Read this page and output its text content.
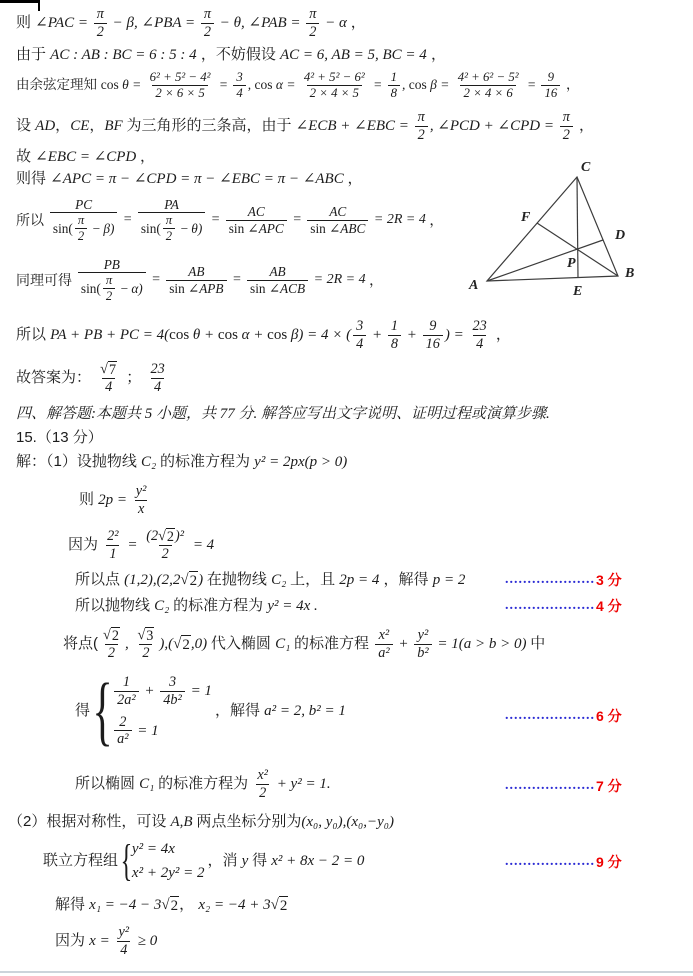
则 ∠PAC = $\frac{\pi}{2} - \beta$, ∠PBA = $\frac{\pi}{2} - \theta$, ∠PAB = $\frac{\pi}{2} - \alpha$ ，
由于 AC : AB : BC = 6 : 5 : 4 ，不妨假设 AC = 6, AB = 5, BC = 4 ，
由余弦定理知 $\cos \theta = \frac{\text{6² + 5² − 4²}}{2 \times 6 \times 5} = \frac{3}{4}$ , $\cos \alpha = \frac{\text{4² + 5² − 6²}}{2 \times 4 \times 5} = \frac{1}{8}$ , $\cos \beta = \frac{\text{4² + 6² − 5²}}{2 \times 4 \times 6} = \frac{9}{16}$ ，
设 AD ， CE ， BF 为三角形的三条高，由于 ∠ECB + ∠EBC = $\frac{\pi}{2}$ , ∠PCD + ∠CPD = $\frac{\pi}{2}$ ，
故 ∠EBC = ∠CPD ，
则得 ∠APC = π − ∠CPD = π − ∠EBC = π − ∠ABC ，
所以 $\frac{PC}{\sin( \frac{\pi}{2} - \beta)} = \frac{PA}{\sin( \frac{\pi}{2} - \theta)}$ = AC
sin ∠ APC
= AC
sin ∠ ABC
= 2R = 4 ，
同理可得 $\frac{PB}{\sin( \frac{\pi}{2} - \alpha)}$ = AB
sin ∠ APB
= AB
sin ∠ ACB
= 2R = 4 ，
所以 PA + PB + PC = 4( cos θ + cos α + cos β) = 4 × ( $\frac{3}{4} + \frac{1}{8} + \frac{9}{16}$ ) = $\frac{23}{4}$ ，
故答案为： $\frac{√ 7}{4}$ ； $\frac{23}{4}$
四、解答题:本题共 5 小题，共 77 分. 解答应写出文字说明、证明过程或演算步骤.
15.（13 分）
解：（1）设抛物线 C₂ 的标准方程为 y² = 2px(p > 0)
则 $2p = \frac{\text{y²}}{x}$
因为 $\frac{\text{2²}}{1} = \frac{\text{(2 √ 2 )²}}{2} = 4$
所以点 (1,2),(2,2 √ 2 ) 在抛物线 C₂ 上，且 2p = 4 ，解得 p = 2
所以抛物线 C₂ 的标准方程为 y² = 4x .
将点( $\frac{√ 2}{2}$ , $\frac{√ 3}{2}$ ),( √ 2 ,0) 代入椭圆 C₁ 的标准方程 $\frac{\text{x²}}{\text{a²}} + \frac{\text{y²}}{\text{b²}} = 1(a > b > 0)$ 中
得 { $\frac{1}{\text{2a²}} + \frac{3}{\text{4b²}} = 1$
$\frac{2}{\text{a²}} = 1$
，解得 a² = 2, b² = 1
所以椭圆 C₁ 的标准方程为 $\frac{\text{x²}}{2} + y^2 = 1$.
（2）根据对称性，可设 A,B 两点坐标分别为 (x₀, y₀),(x₀,−y₀)
联立方程组 { y² = 4x
x² + 2y² = 2
，消 y 得 x² + 8x − 2 = 0
解得 x₁ = −4 − 3 √ 2 ， x₂ = −4 + 3 √ 2
因为 $x = \frac{\text{y²}}{4} \ge 0$
.................... 3 分
.................... 4 分
.................... 6 分
.................... 7 分
.................... 9 分
C
F
D
P
A
B
E
